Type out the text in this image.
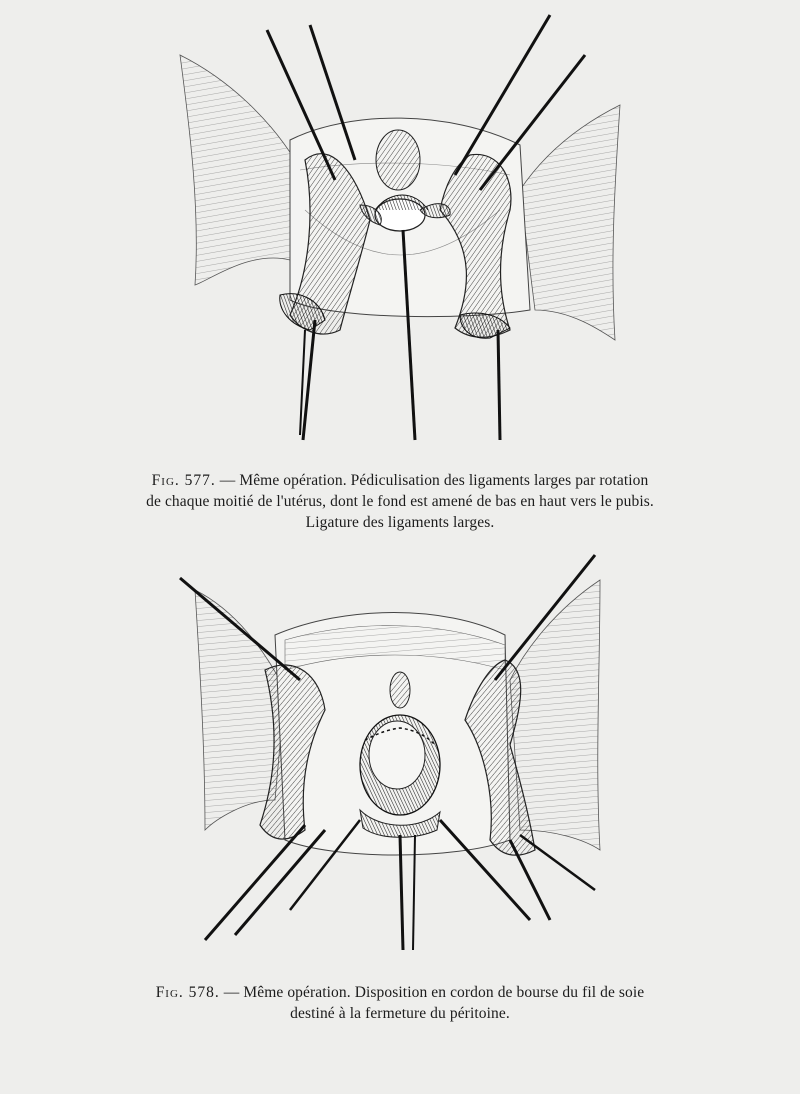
Fig. 577. — Même opération. Pédiculisation des ligaments larges par rotation
de chaque moitié de l'utérus, dont le fond est amené de bas en haut vers le pubis.
Ligature des ligaments larges.
Fig. 578. — Même opération. Disposition en cordon de bourse du fil de soie
destiné à la fermeture du péritoine.
